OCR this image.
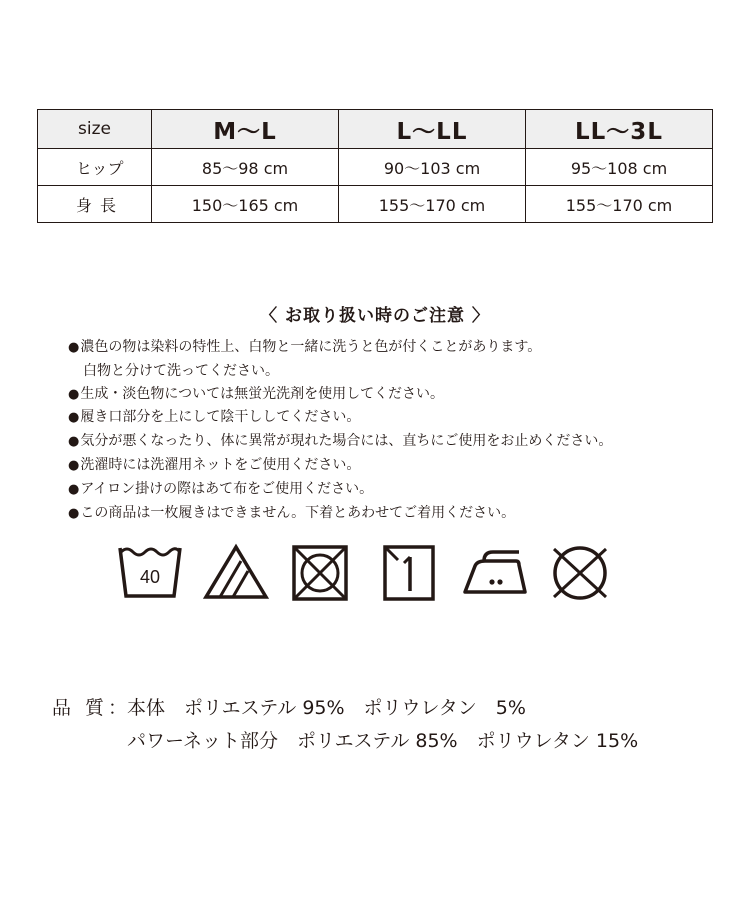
size	M～L	L～LL	LL～3L
ヒップ	85～98 cm	90～103 cm	95～108 cm
身長	150～165 cm	155～170 cm	155～170 cm
〈 お取り扱い時のご注意 〉
●濃色の物は染料の特性上、白物と一緒に洗うと色が付くことがあります。
白物と分けて洗ってください。
●生成・淡色物については無蛍光洗剤を使用してください。
●履き口部分を上にして陰干ししてください。
●気分が悪くなったり、体に異常が現れた場合には、直ちにご使用をお止めください。
●洗濯時には洗濯用ネットをご使用ください。
●アイロン掛けの際はあて布をご使用ください。
●この商品は一枚履きはできません。下着とあわせてご着用ください。
40
品 質：本体　ポリエステル 95%　ポリウレタン　5%
パワーネット部分　ポリエステル 85%　ポリウレタン 15%
